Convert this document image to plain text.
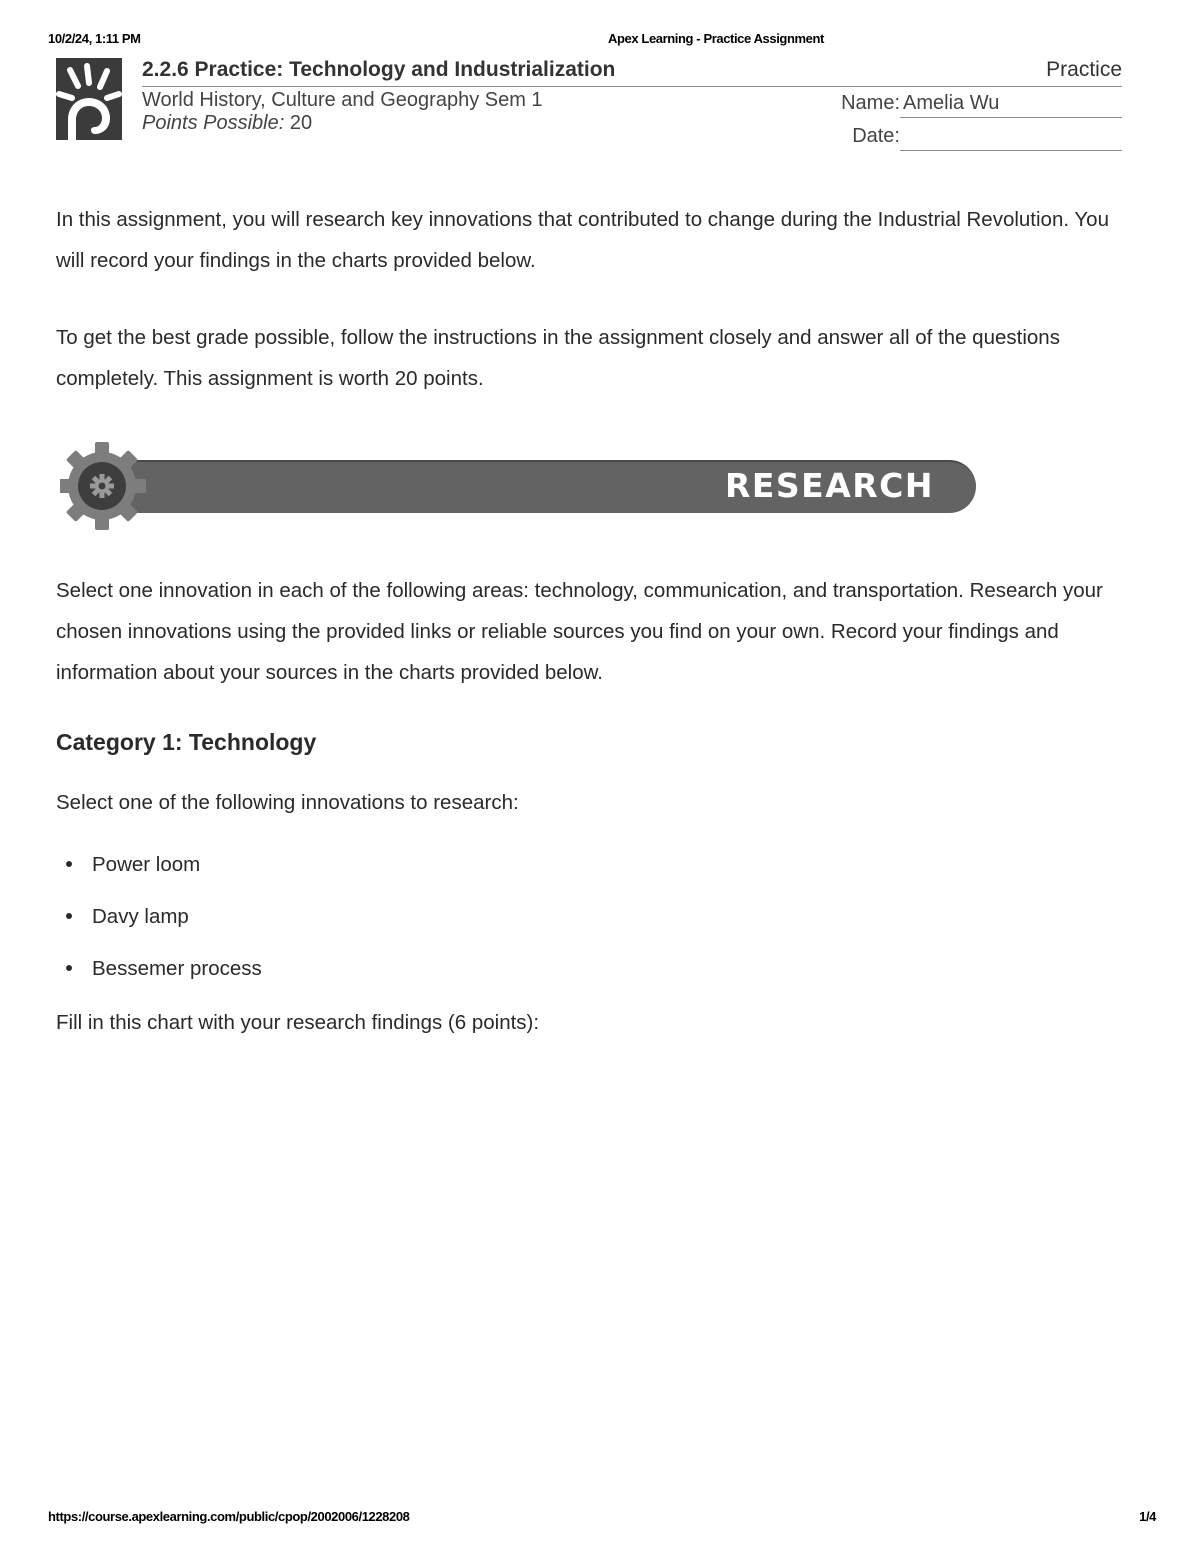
10/2/24, 1:11 PM	Apex Learning - Practice Assignment
2.2.6 Practice: Technology and Industrialization	Practice
World History, Culture and Geography Sem 1
Points Possible: 20
Name: Amelia Wu
Date:

In this assignment, you will research key innovations that contributed to change during the Industrial Revolution. You will record your findings in the charts provided below.

To get the best grade possible, follow the instructions in the assignment closely and answer all of the questions completely. This assignment is worth 20 points.

RESEARCH

Select one innovation in each of the following areas: technology, communication, and transportation. Research your chosen innovations using the provided links or reliable sources you find on your own. Record your findings and information about your sources in the charts provided below.

Category 1: Technology

Select one of the following innovations to research:

Power loom
Davy lamp
Bessemer process

Fill in this chart with your research findings (6 points):

https://course.apexlearning.com/public/cpop/2002006/1228208	1/4
